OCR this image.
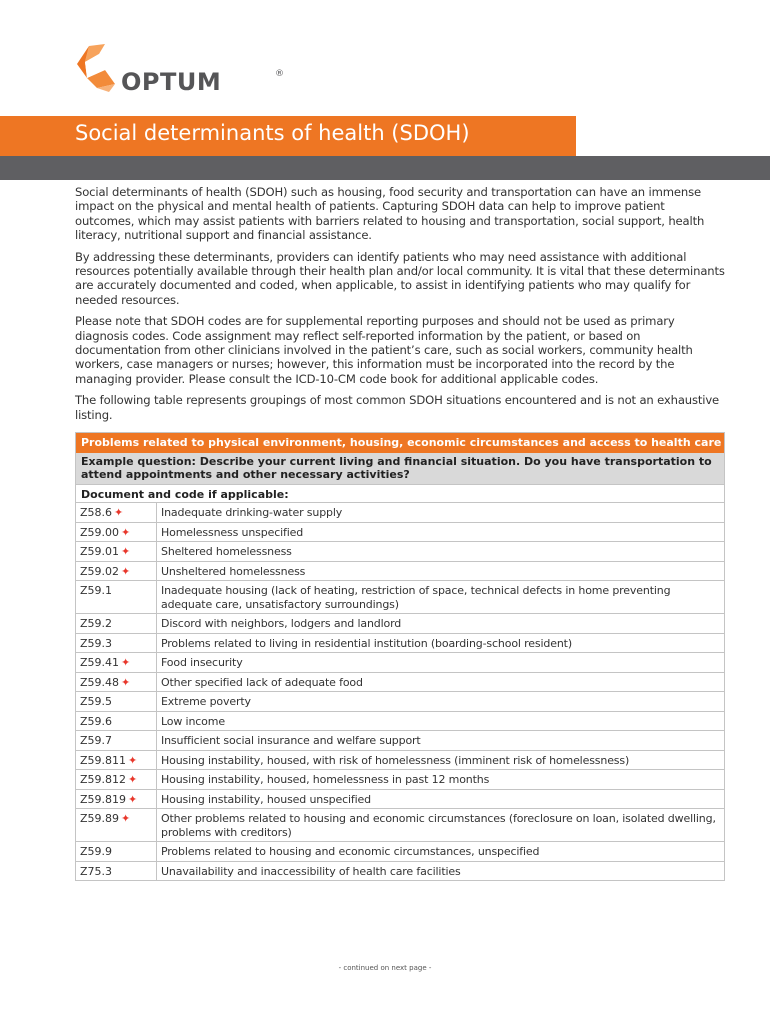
OPTUM	®
Social determinants of health (SDOH)

Social determinants of health (SDOH) such as housing, food security and transportation can have an immense impact on the physical and mental health of patients. Capturing SDOH data can help to improve patient outcomes, which may assist patients with barriers related to housing and transportation, social support, health literacy, nutritional support and financial assistance.

By addressing these determinants, providers can identify patients who may need assistance with additional resources potentially available through their health plan and/or local community. It is vital that these determinants are accurately documented and coded, when applicable, to assist in identifying patients who may qualify for needed resources.

Please note that SDOH codes are for supplemental reporting purposes and should not be used as primary diagnosis codes. Code assignment may reflect self-reported information by the patient, or based on documentation from other clinicians involved in the patient’s care, such as social workers, community health workers, case managers or nurses; however, this information must be incorporated into the record by the managing provider. Please consult the ICD-10-CM code book for additional applicable codes.

The following table represents groupings of most common SDOH situations encountered and is not an exhaustive listing.

Problems related to physical environment, housing, economic circumstances and access to health care
Example question: Describe your current living and financial situation. Do you have transportation to attend appointments and other necessary activities?
Document and code if applicable:
Z58.6 ✦	Inadequate drinking-water supply
Z59.00 ✦	Homelessness unspecified
Z59.01 ✦	Sheltered homelessness
Z59.02 ✦	Unsheltered homelessness
Z59.1	Inadequate housing (lack of heating, restriction of space, technical defects in home preventing adequate care, unsatisfactory surroundings)
Z59.2	Discord with neighbors, lodgers and landlord
Z59.3	Problems related to living in residential institution (boarding-school resident)
Z59.41 ✦	Food insecurity
Z59.48 ✦	Other specified lack of adequate food
Z59.5	Extreme poverty
Z59.6	Low income
Z59.7	Insufficient social insurance and welfare support
Z59.811 ✦	Housing instability, housed, with risk of homelessness (imminent risk of homelessness)
Z59.812 ✦	Housing instability, housed, homelessness in past 12 months
Z59.819 ✦	Housing instability, housed unspecified
Z59.89 ✦	Other problems related to housing and economic circumstances (foreclosure on loan, isolated dwelling, problems with creditors)
Z59.9	Problems related to housing and economic circumstances, unspecified
Z75.3	Unavailability and inaccessibility of health care facilities
- continued on next page -
